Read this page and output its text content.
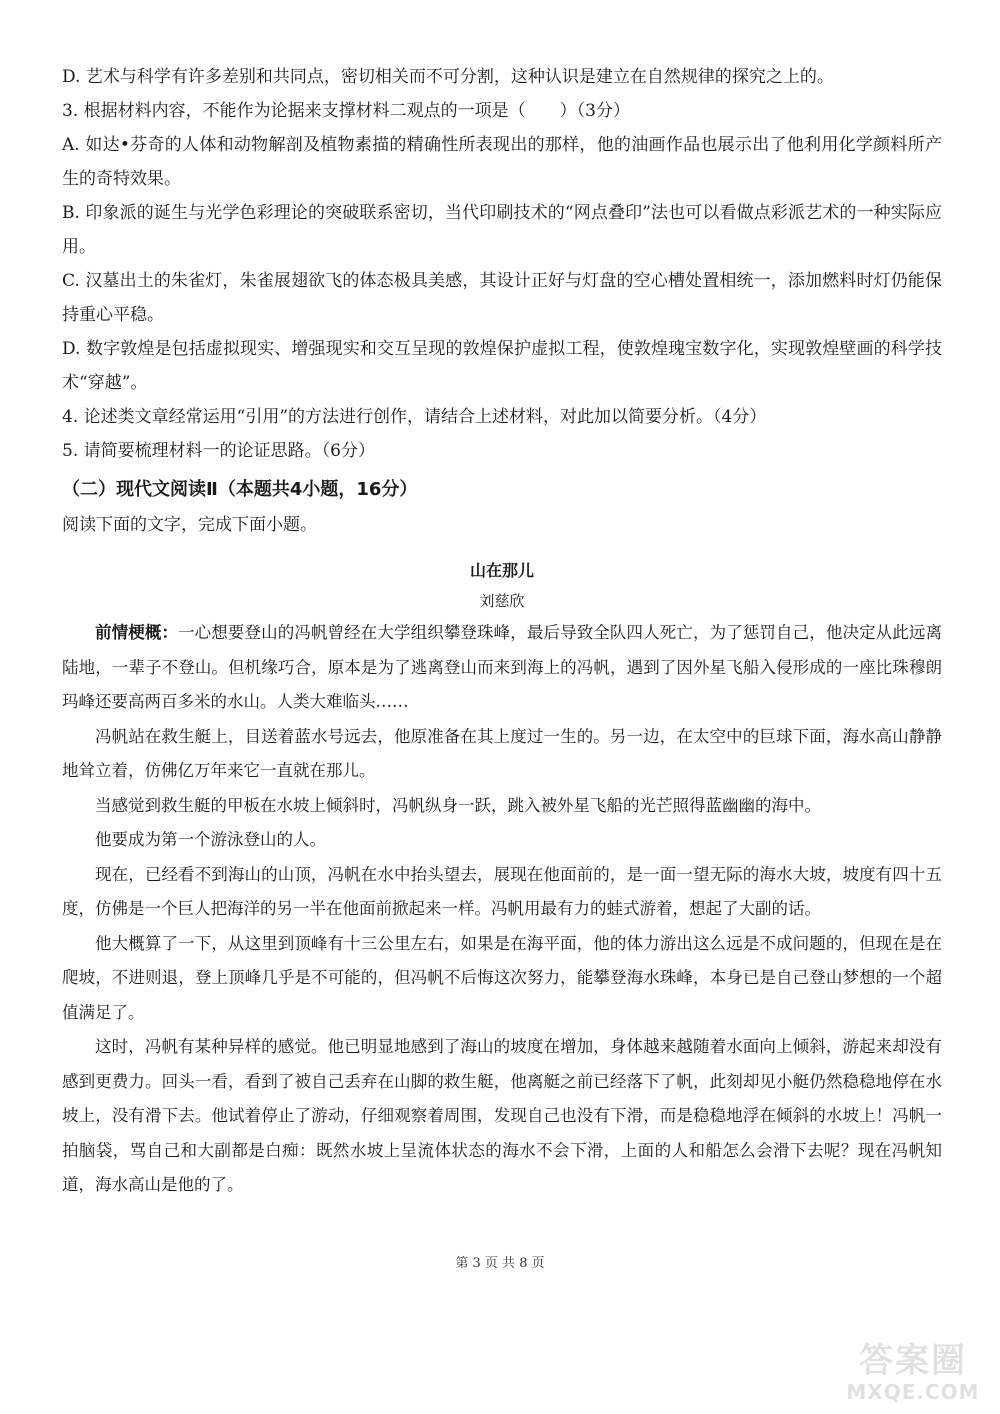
D. 艺术与科学有许多差别和共同点，密切相关而不可分割，这种认识是建立在自然规律的探究之上的。
3. 根据材料内容，不能作为论据来支撑材料二观点的一项是（　　）（3分）

A. 如达•芬奇的人体和动物解剖及植物素描的精确性所表现出的那样，他的油画作品也展示出了他利用化学颜料所产生的奇特效果。

B. 印象派的诞生与光学色彩理论的突破联系密切，当代印刷技术的“网点叠印”法也可以看做点彩派艺术的一种实际应用。

C. 汉墓出土的朱雀灯，朱雀展翅欲飞的体态极具美感，其设计正好与灯盘的空心槽处置相统一，添加燃料时灯仍能保持重心平稳。

D. 数字敦煌是包括虚拟现实、增强现实和交互呈现的敦煌保护虚拟工程，使敦煌瑰宝数字化，实现敦煌壁画的科学技术“穿越”。

4. 论述类文章经常运用“引用”的方法进行创作，请结合上述材料，对此加以简要分析。（4分）
5. 请简要梳理材料一的论证思路。（6分）
（二）现代文阅读Ⅱ（本题共4小题，16分）
阅读下面的文字，完成下面小题。
山在那儿
刘慈欣

前情梗概：一心想要登山的冯帆曾经在大学组织攀登珠峰，最后导致全队四人死亡，为了惩罚自己，他决定从此远离陆地，一辈子不登山。但机缘巧合，原本是为了逃离登山而来到海上的冯帆，遇到了因外星飞船入侵形成的一座比珠穆朗玛峰还要高两百多米的水山。人类大难临头……

冯帆站在救生艇上，目送着蓝水号远去，他原准备在其上度过一生的。另一边，在太空中的巨球下面，海水高山静静地耸立着，仿佛亿万年来它一直就在那儿。

当感觉到救生艇的甲板在水坡上倾斜时，冯帆纵身一跃，跳入被外星飞船的光芒照得蓝幽幽的海中。

他要成为第一个游泳登山的人。

现在，已经看不到海山的山顶，冯帆在水中抬头望去，展现在他面前的，是一面一望无际的海水大坡，坡度有四十五度，仿佛是一个巨人把海洋的另一半在他面前掀起来一样。冯帆用最有力的蛙式游着，想起了大副的话。

他大概算了一下，从这里到顶峰有十三公里左右，如果是在海平面，他的体力游出这么远是不成问题的，但现在是在爬坡，不进则退，登上顶峰几乎是不可能的，但冯帆不后悔这次努力，能攀登海水珠峰，本身已是自己登山梦想的一个超值满足了。

这时，冯帆有某种异样的感觉。他已明显地感到了海山的坡度在增加，身体越来越随着水面向上倾斜，游起来却没有感到更费力。回头一看，看到了被自己丢弃在山脚的救生艇，他离艇之前已经落下了帆，此刻却见小艇仍然稳稳地停在水坡上，没有滑下去。他试着停止了游动，仔细观察着周围，发现自己也没有下滑，而是稳稳地浮在倾斜的水坡上！冯帆一拍脑袋，骂自己和大副都是白痴：既然水坡上呈流体状态的海水不会下滑，上面的人和船怎么会滑下去呢？现在冯帆知道，海水高山是他的了。

第 3 页 共 8 页
答案圈
MXQE.COM
